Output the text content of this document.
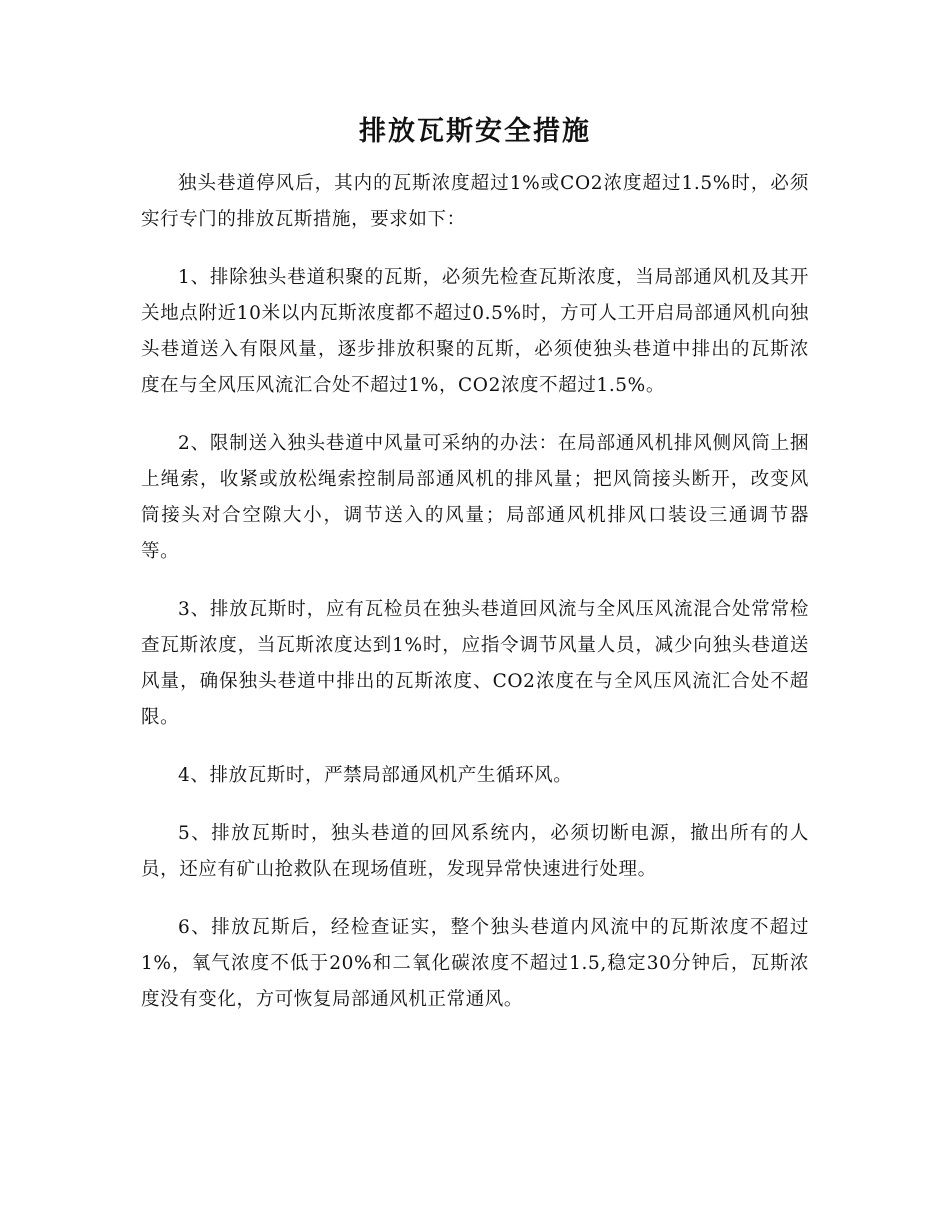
排放瓦斯安全措施

独头巷道停风后，其内的瓦斯浓度超过1%或CO2浓度超过1.5%时，必须实行专门的排放瓦斯措施，要求如下：

1、排除独头巷道积聚的瓦斯，必须先检查瓦斯浓度，当局部通风机及其开关地点附近10米以内瓦斯浓度都不超过0.5%时，方可人工开启局部通风机向独头巷道送入有限风量，逐步排放积聚的瓦斯，必须使独头巷道中排出的瓦斯浓度在与全风压风流汇合处不超过1%，CO2浓度不超过1.5%。

2、限制送入独头巷道中风量可采纳的办法：在局部通风机排风侧风筒上捆上绳索，收紧或放松绳索控制局部通风机的排风量；把风筒接头断开，改变风筒接头对合空隙大小，调节送入的风量；局部通风机排风口装设三通调节器等。

3、排放瓦斯时，应有瓦检员在独头巷道回风流与全风压风流混合处常常检查瓦斯浓度，当瓦斯浓度达到1%时，应指令调节风量人员，减少向独头巷道送风量，确保独头巷道中排出的瓦斯浓度、CO2浓度在与全风压风流汇合处不超限。

4、排放瓦斯时，严禁局部通风机产生循环风。

5、排放瓦斯时，独头巷道的回风系统内，必须切断电源，撤出所有的人员，还应有矿山抢救队在现场值班，发现异常快速进行处理。

6、排放瓦斯后，经检查证实，整个独头巷道内风流中的瓦斯浓度不超过1%，氧气浓度不低于20%和二氧化碳浓度不超过1.5,稳定30分钟后，瓦斯浓度没有变化，方可恢复局部通风机正常通风。
